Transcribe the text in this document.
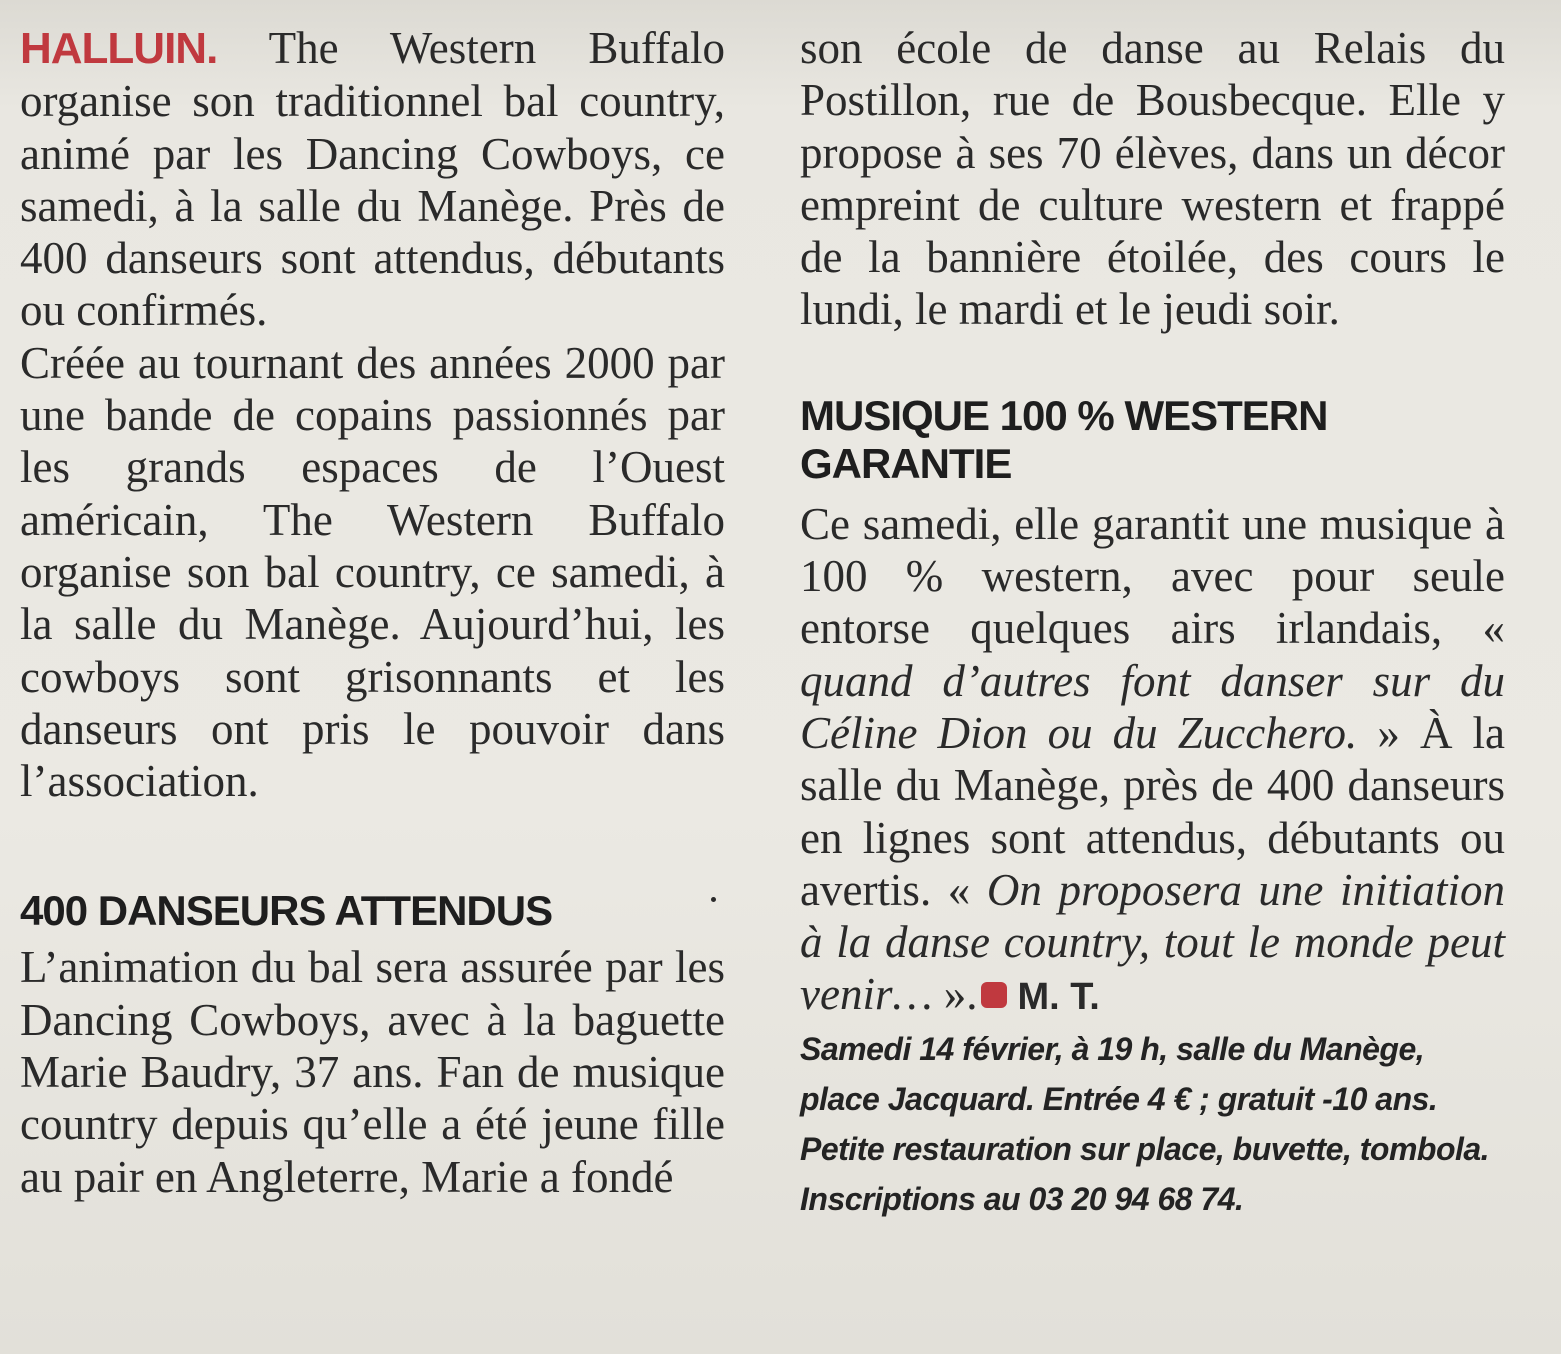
HALLUIN. The Western Buffalo organise son traditionnel bal country, animé par les Dancing Cowboys, ce samedi, à la salle du Manège. Près de 400 danseurs sont attendus, débutants ou confirmés.

Créée au tournant des années 2000 par une bande de copains passionnés par les grands espaces de l’Ouest américain, The Western Buffalo organise son bal country, ce samedi, à la salle du Manège. Aujourd’hui, les cowboys sont grisonnants et les danseurs ont pris le pouvoir dans l’association.

400 DANSEURS ATTENDUS

L’animation du bal sera assurée par les Dancing Cowboys, avec à la baguette Marie Baudry, 37 ans. Fan de musique country depuis qu’elle a été jeune fille au pair en Angleterre, Marie a fondé

son école de danse au Relais du Postillon, rue de Bousbecque. Elle y propose à ses 70 élèves, dans un décor empreint de culture western et frappé de la bannière étoilée, des cours le lundi, le mardi et le jeudi soir.

MUSIQUE 100 % WESTERN GARANTIE

Ce samedi, elle garantit une musique à 100 % western, avec pour seule entorse quelques airs irlandais, « quand d’autres font danser sur du Céline Dion ou du Zucchero. » À la salle du Manège, près de 400 danseurs en lignes sont attendus, débutants ou avertis. « On proposera une initiation à la danse country, tout le monde peut venir… ». M. T.

Samedi 14 février, à 19 h, salle du Manège, place Jacquard. Entrée 4 € ; gratuit -10 ans. Petite restauration sur place, buvette, tombola. Inscriptions au 03 20 94 68 74.
